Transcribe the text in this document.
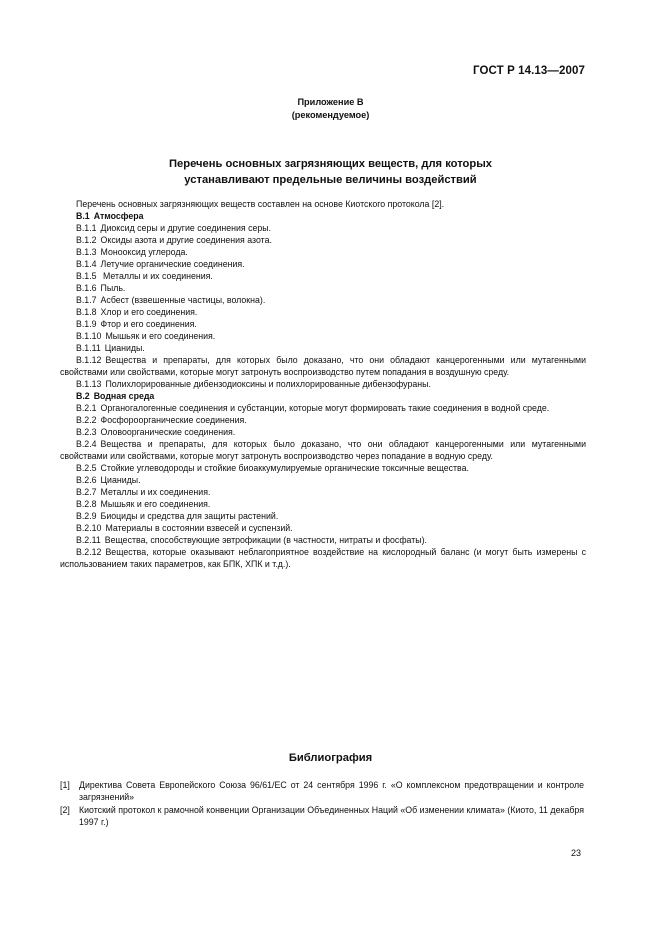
ГОСТ Р 14.13—2007
Приложение В
(рекомендуемое)
Перечень основных загрязняющих веществ, для которых
устанавливают предельные величины воздействий

Перечень основных загрязняющих веществ составлен на основе Киотского протокола [2].

В.1 Атмосфера

В.1.1 Диоксид серы и другие соединения серы.

В.1.2 Оксиды азота и другие соединения азота.

В.1.3 Монооксид углерода.

В.1.4 Летучие органические соединения.

В.1.5 Металлы и их соединения.

В.1.6 Пыль.

В.1.7 Асбест (взвешенные частицы, волокна).

В.1.8 Хлор и его соединения.

В.1.9 Фтор и его соединения.

В.1.10 Мышьяк и его соединения.

В.1.11 Цианиды.

В.1.12 Вещества и препараты, для которых было доказано, что они обладают канцерогенными или мутагенными свойствами или свойствами, которые могут затронуть воспроизводство путем попадания в воздушную среду.

В.1.13 Полихлорированные дибензодиоксины и полихлорированные дибензофураны.

В.2 Водная среда

В.2.1 Органогалогенные соединения и субстанции, которые могут формировать такие соединения в водной среде.

В.2.2 Фосфороорганические соединения.

В.2.3 Оловоорганические соединения.

В.2.4 Вещества и препараты, для которых было доказано, что они обладают канцерогенными или мутагенными свойствами или свойствами, которые могут затронуть воспроизводство через попадание в водную среду.

В.2.5 Стойкие углеводороды и стойкие биоаккумулируемые органические токсичные вещества.

В.2.6 Цианиды.

В.2.7 Металлы и их соединения.

В.2.8 Мышьяк и его соединения.

В.2.9 Биоциды и средства для защиты растений.

В.2.10 Материалы в состоянии взвесей и суспензий.

В.2.11 Вещества, способствующие эвтрофикации (в частности, нитраты и фосфаты).

В.2.12 Вещества, которые оказывают неблагоприятное воздействие на кислородный баланс (и могут быть измерены с использованием таких параметров, как БПК, ХПК и т.д.).

Библиография
[1]	Директива Совета Европейского Союза 96/61/ЕС от 24 сентября 1996 г. «О комплексном предотвращении и контроле загрязнений»
[2]	Киотский протокол к рамочной конвенции Организации Объединенных Наций «Об изменении климата» (Киото, 11 декабря 1997 г.)
23
